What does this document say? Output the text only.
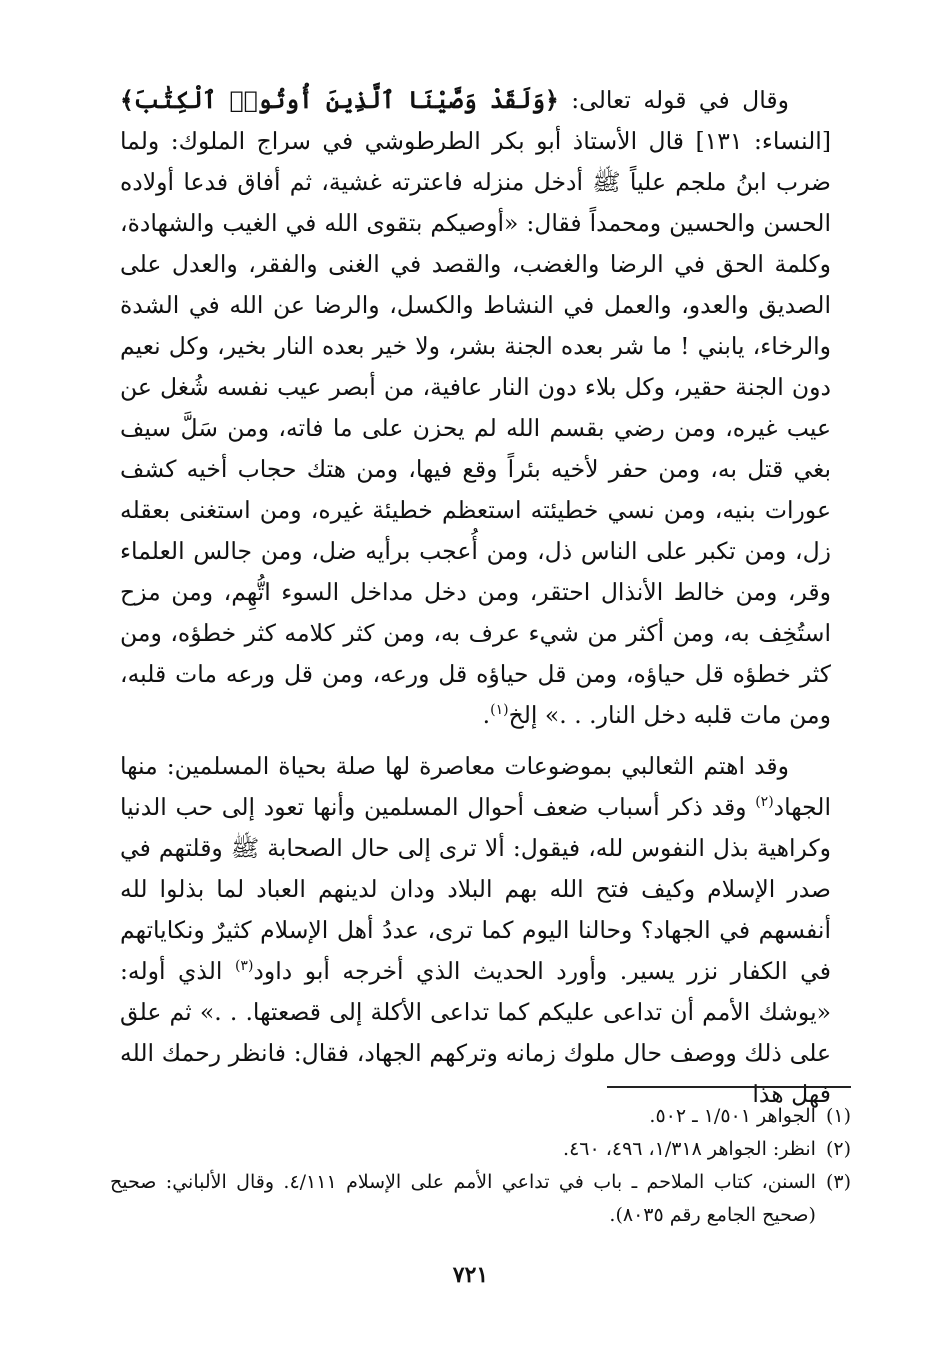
وقال في قوله تعالى: ﴿وَلَقَدْ وَصَّيْنَا ٱلَّذِينَ أُوتُوا۟ ٱلْكِتَٰبَ﴾ [النساء: ١٣١] قال الأستاذ أبو بكر الطرطوشي في سراج الملوك: ولما ضرب ابنُ ملجم علياً ﷺ أدخل منزله فاعترته غشية، ثم أفاق فدعا أولاده الحسن والحسين ومحمداً فقال: «أوصيكم بتقوى الله في الغيب والشهادة، وكلمة الحق في الرضا والغضب، والقصد في الغنى والفقر، والعدل على الصديق والعدو، والعمل في النشاط والكسل، والرضا عن الله في الشدة والرخاء، يابني ! ما شر بعده الجنة بشر، ولا خير بعده النار بخير، وكل نعيم دون الجنة حقير، وكل بلاء دون النار عافية، من أبصر عيب نفسه شُغل عن عيب غيره، ومن رضي بقسم الله لم يحزن على ما فاته، ومن سَلَّ سيف بغي قتل به، ومن حفر لأخيه بئراً وقع فيها، ومن هتك حجاب أخيه كشف عورات بنيه، ومن نسي خطيئته استعظم خطيئة غيره، ومن استغنى بعقله زل، ومن تكبر على الناس ذل، ومن أُعجب برأيه ضل، ومن جالس العلماء وقر، ومن خالط الأنذال احتقر، ومن دخل مداخل السوء اتُّهِم، ومن مزح استُخِف به، ومن أكثر من شيء عرف به، ومن كثر كلامه كثر خطؤه، ومن كثر خطؤه قل حياؤه، ومن قل حياؤه قل ورعه، ومن قل ورعه مات قلبه، ومن مات قلبه دخل النار. . .» إلخ$^{(١)}$.

وقد اهتم الثعالبي بموضوعات معاصرة لها صلة بحياة المسلمين: منها الجهاد$^{(٢)}$ وقد ذكر أسباب ضعف أحوال المسلمين وأنها تعود إلى حب الدنيا وكراهية بذل النفوس لله، فيقول: ألا ترى إلى حال الصحابة ﷺ وقلتهم في صدر الإسلام وكيف فتح الله بهم البلاد ودان لدينهم العباد لما بذلوا لله أنفسهم في الجهاد؟ وحالنا اليوم كما ترى، عددُ أهل الإسلام كثيرٌ ونكاياتهم في الكفار نزر يسير. وأورد الحديث الذي أخرجه أبو داود$^{(٣)}$ الذي أوله: «يوشك الأمم أن تداعى عليكم كما تداعى الأكلة إلى قصعتها. . .» ثم علق على ذلك ووصف حال ملوك زمانه وتركهم الجهاد، فقال: فانظر رحمك الله فهل هذا

(١)
الجواهر ١/٥٠١ ـ ٥٠٢.

(٢)
انظر: الجواهر ١/٣١٨، ٤٩٦، ٤٦٠.

(٣)
السنن، كتاب الملاحم ـ باب في تداعي الأمم على الإسلام ٤/١١١. وقال الألباني: صحيح (صحيح الجامع رقم ٨٠٣٥).

٧٢١
